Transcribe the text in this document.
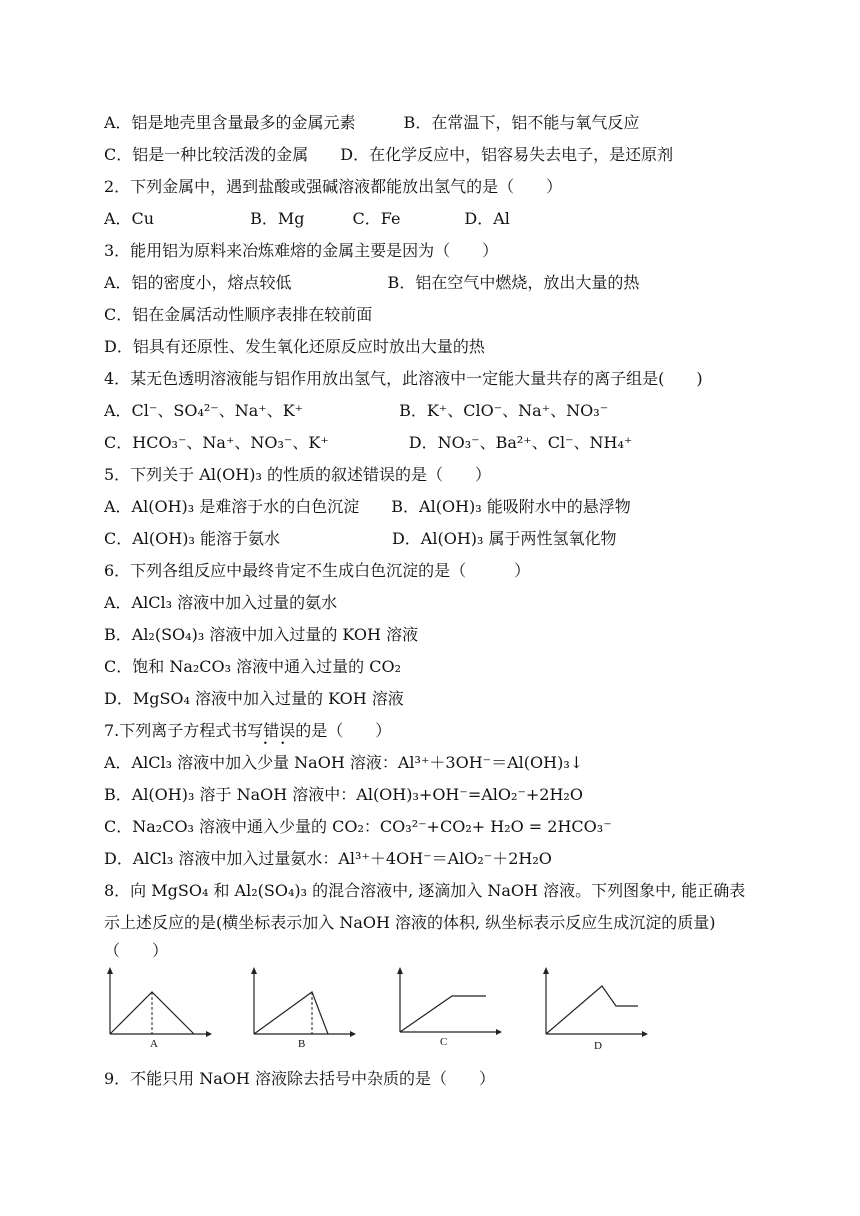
A．铝是地壳里含量最多的金属元素　　　B．在常温下，铝不能与氧气反应
C．铝是一种比较活泼的金属　　D．在化学反应中，铝容易失去电子，是还原剂
2．下列金属中，遇到盐酸或强碱溶液都能放出氢气的是（　　）
A．Cu　　　　　　B．Mg　　　C．Fe　　　　D．Al
3．能用铝为原料来冶炼难熔的金属主要是因为（　　）
A．铝的密度小，熔点较低　　　　　　B．铝在空气中燃烧，放出大量的热
C．铝在金属活动性顺序表排在较前面
D．铝具有还原性、发生氧化还原反应时放出大量的热
4．某无色透明溶液能与铝作用放出氢气，此溶液中一定能大量共存的离子组是(　　)
A．Cl⁻、SO₄²⁻、Na⁺、K⁺　　　　　　B．K⁺、ClO⁻、Na⁺、NO₃⁻
C．HCO₃⁻、Na⁺、NO₃⁻、K⁺　　　　　D．NO₃⁻、Ba²⁺、Cl⁻、NH₄⁺
5．下列关于 Al(OH)₃ 的性质的叙述错误的是（　　）
A．Al(OH)₃ 是难溶于水的白色沉淀　　B．Al(OH)₃ 能吸附水中的悬浮物
C．Al(OH)₃ 能溶于氨水　　　　　　　D．Al(OH)₃ 属于两性氢氧化物
6．下列各组反应中最终肯定不生成白色沉淀的是（　　　）
A．AlCl₃ 溶液中加入过量的氨水
B．Al₂(SO₄)₃ 溶液中加入过量的 KOH 溶液
C．饱和 Na₂CO₃ 溶液中通入过量的 CO₂
D．MgSO₄ 溶液中加入过量的 KOH 溶液
7.下列离子方程式书写错误的是（　　）
A．AlCl₃ 溶液中加入少量 NaOH 溶液：Al³⁺＋3OH⁻＝Al(OH)₃↓
B．Al(OH)₃ 溶于 NaOH 溶液中：Al(OH)₃+OH⁻=AlO₂⁻+2H₂O
C．Na₂CO₃ 溶液中通入少量的 CO₂：CO₃²⁻+CO₂+ H₂O = 2HCO₃⁻
D．AlCl₃ 溶液中加入过量氨水：Al³⁺＋4OH⁻＝AlO₂⁻＋2H₂O
8．向 MgSO₄ 和 Al₂(SO₄)₃ 的混合溶液中, 逐滴加入 NaOH 溶液。下列图象中, 能正确表
示上述反应的是(横坐标表示加入 NaOH 溶液的体积, 纵坐标表示反应生成沉淀的质量)
（　　）
•     •
A	B	C	D
9．不能只用 NaOH 溶液除去括号中杂质的是（　　）
